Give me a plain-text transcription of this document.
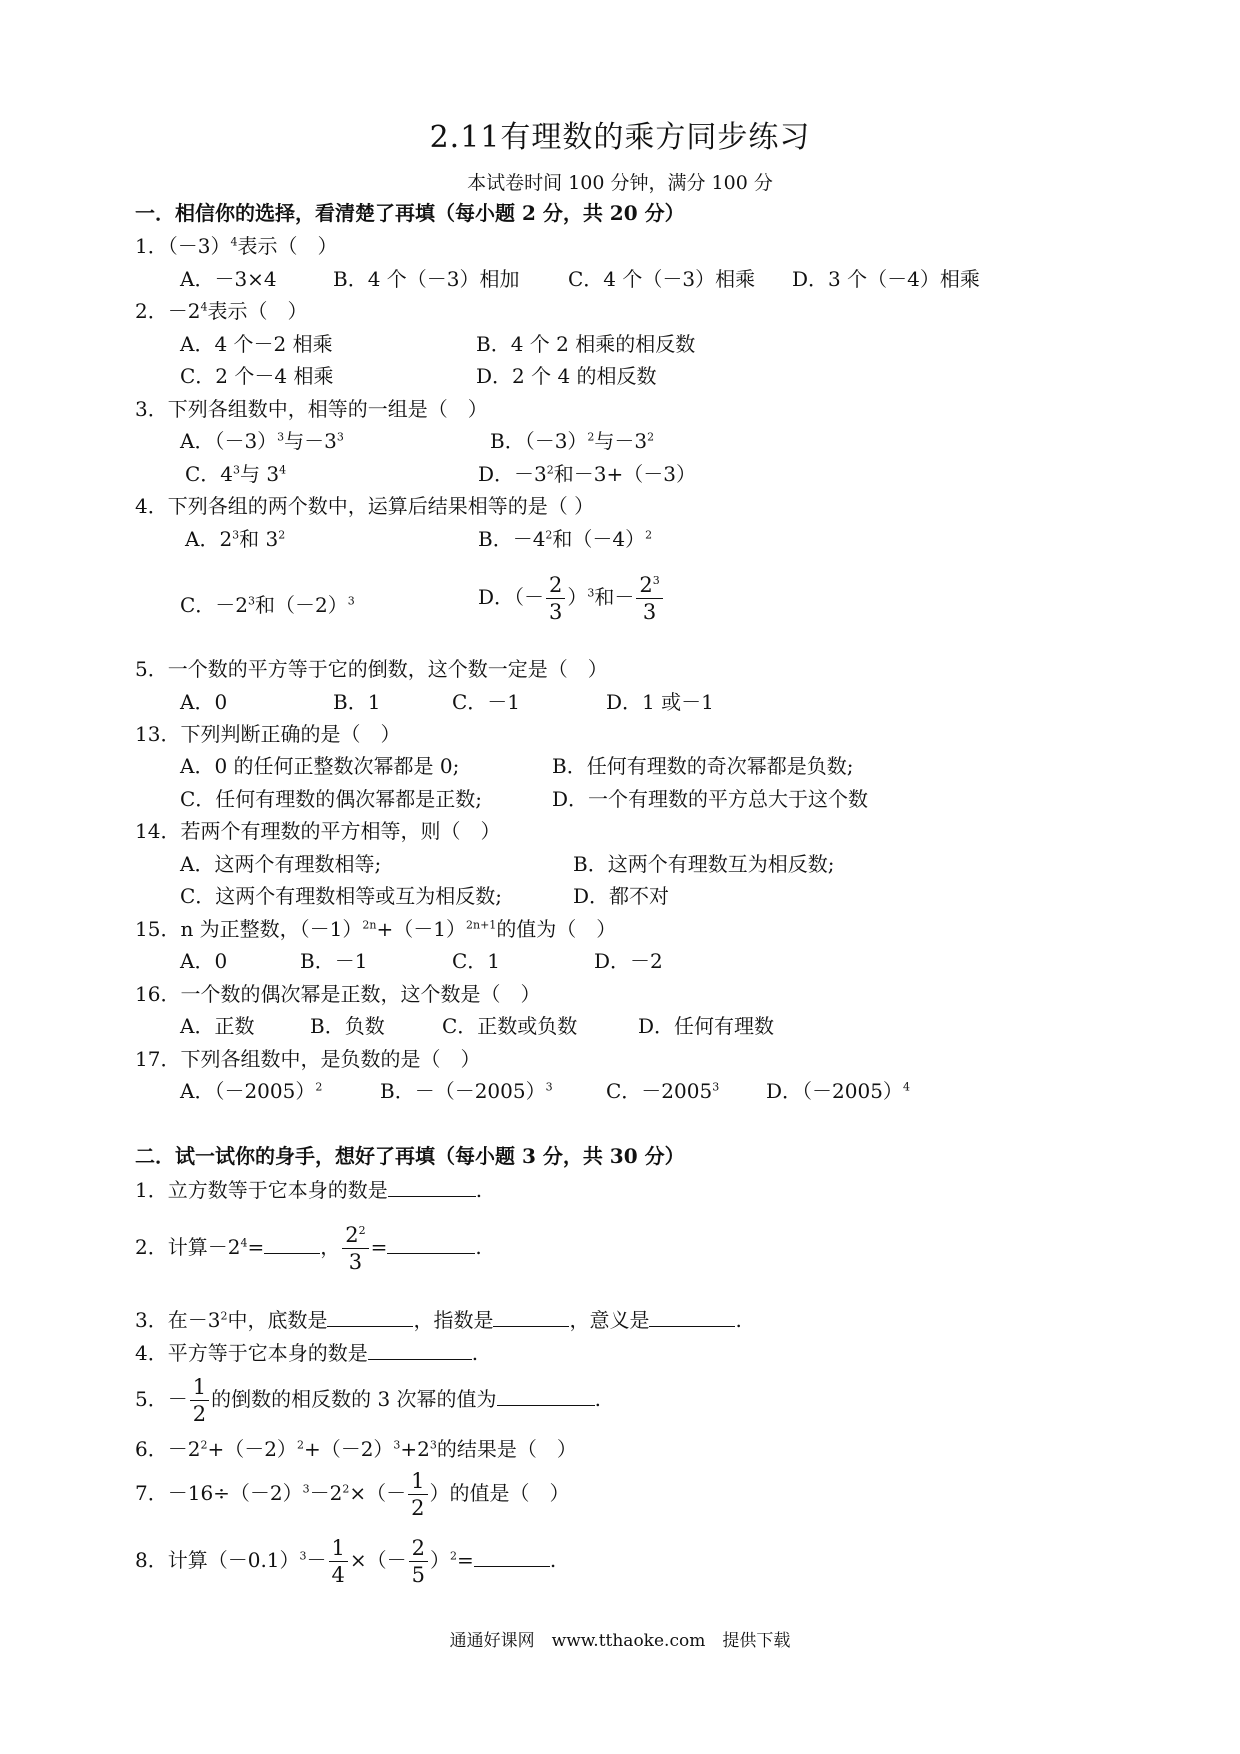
2.11有理数的乘方同步练习
本试卷时间 100 分钟，满分 100 分
一．相信你的选择，看清楚了再填（每小题 2 分，共 20 分）
1．$(-3)^4$表示（　）
A．－3×4	B．4 个（－3）相加 C．4 个（－3）相乘 D．3 个（－4）相乘
2．$-2^4$表示（　）
A．4 个－2 相乘	B．4 个 2 相乘的相反数
C．2 个－4 相乘	D．2 个 4 的相反数
3．下列各组数中，相等的一组是（　）
A．$(-3)^3$与$-3^3$	B．$(-3)^2$与$-3^2$
C．$4^3$与 $3^4$	D．$-3^2$和－3+（－3）
4．下列各组的两个数中，运算后结果相等的是（ ）
A．$2^3$和 $3^2$	B．$-4^2$和$(-4)^2$
C．$-2^3$和$(-2)^3$	D．（－ $\frac{2}{3} )^3$和－ $\frac{2^3}{3}$
5．一个数的平方等于它的倒数，这个数一定是（　）
A．0	B．1	C．－1	D．1 或－1
13．下列判断正确的是（　）
A．0 的任何正整数次幂都是 0;	B．任何有理数的奇次幂都是负数;
C．任何有理数的偶次幂都是正数;	D．一个有理数的平方总大于这个数
14．若两个有理数的平方相等，则（　）
A．这两个有理数相等;	B．这两个有理数互为相反数;
C．这两个有理数相等或互为相反数;	D．都不对
15．n 为正整数，$(-1)^{2n}+(-1)^{2n+1}$的值为（　）
A．0	B．－1	C．1	D．－2
16．一个数的偶次幂是正数，这个数是（　）
A．正数	B．负数	C．正数或负数	D．任何有理数
17．下列各组数中，是负数的是（　）
A．$(-2005)^2$	B．$-(-2005)^3$	C．$-2005^3$ D．$(-2005)^4$
二．试一试你的身手，想好了再填（每小题 3 分，共 30 分）
1．立方数等于它本身的数是	.
2．计算$-2^4=$	， $\frac{2^2}{3}$ =	.
3．在$-3^2$中，底数是	，指数是	，意义是	.
4．平方等于它本身的数是	.
5．－ $\frac{1}{2}$ 的倒数的相反数的 3 次幂的值为	.
6．$-2^2+(-2)^2+(-2)^3+2^3$的结果是（　）
7．$-16\div(-2)^3-2^2\times(- \frac{1}{2}$ ）的值是（　）
8．计算$(-0.1)^3- \frac{1}{4}$ ×（－ $\frac{2}{5} )^2=$	.
通通好课网　www.tthaoke.com　提供下载
